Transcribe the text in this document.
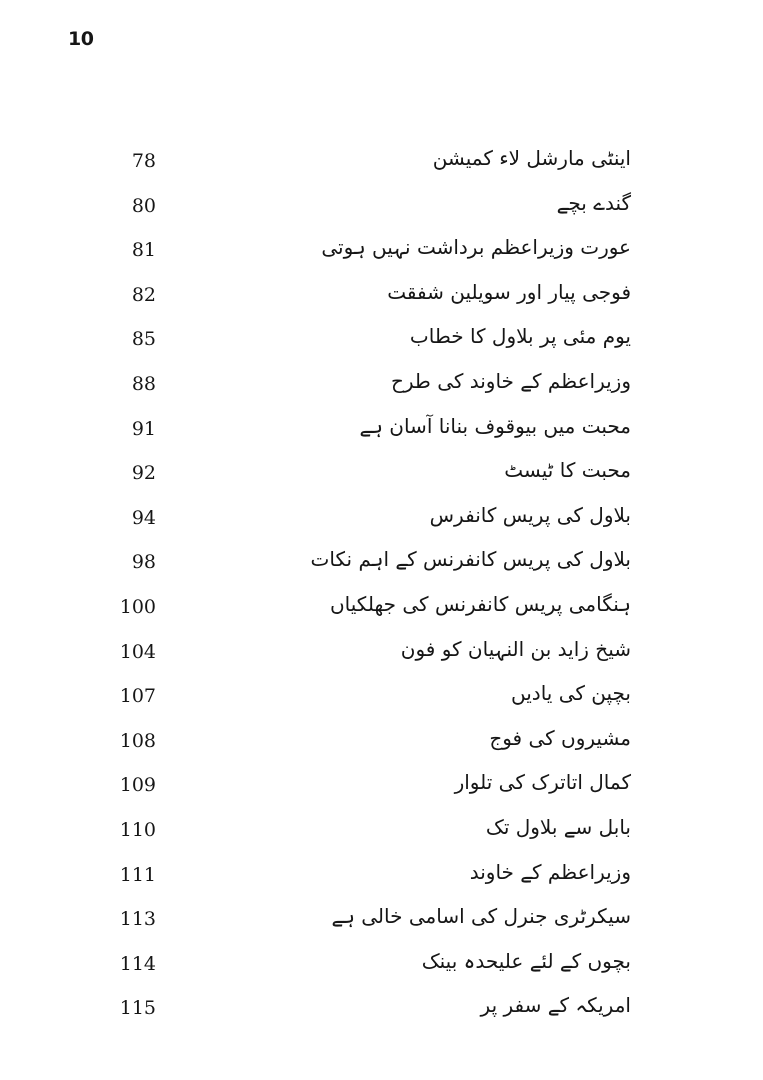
10
78	اینٹی مارشل لاء کمیشن
80	گندے بچے
81	عورت وزیراعظم برداشت نہیں ہوتی
82	فوجی پیار اور سویلین شفقت
85	یوم مئی پر بلاول کا خطاب
88	وزیراعظم کے خاوند کی طرح
91	محبت میں بیوقوف بنانا آسان ہے
92	محبت کا ٹیسٹ
94	بلاول کی پریس کانفرس
98	بلاول کی پریس کانفرنس کے اہم نکات
100	ہنگامی پریس کانفرنس کی جھلکیاں
104	شیخ زاید بن النہیان کو فون
107	بچپن کی یادیں
108	مشیروں کی فوج
109	کمال اتاترک کی تلوار
110	بابل سے بلاول تک
111	وزیراعظم کے خاوند
113	سیکرٹری جنرل کی اسامی خالی ہے
114	بچوں کے لئے علیحدہ بینک
115	امریکہ کے سفر پر
